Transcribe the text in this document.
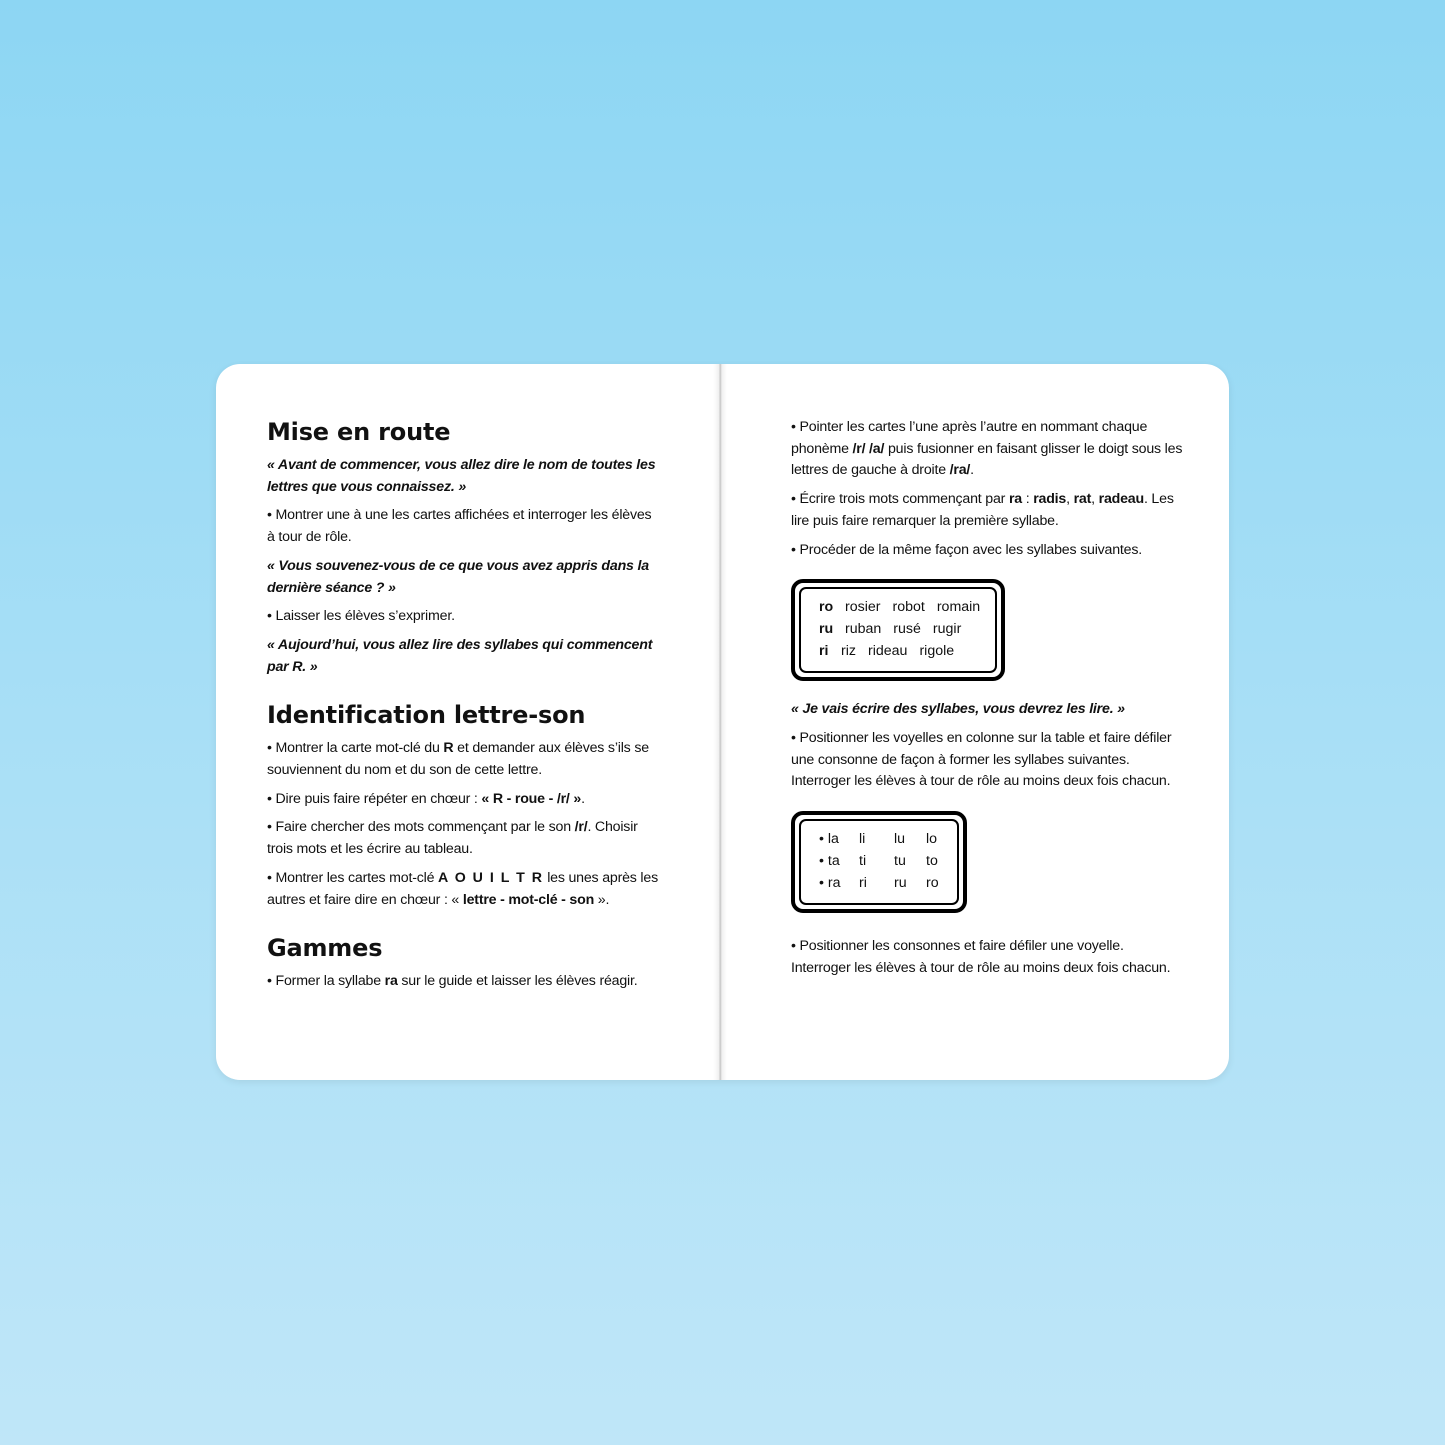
Mise en route

« Avant de commencer, vous allez dire le nom de toutes les lettres que vous connaissez. »

• Montrer une à une les cartes affichées et interroger les élèves à tour de rôle.

« Vous souvenez-vous de ce que vous avez appris dans la dernière séance ? »

• Laisser les élèves s’exprimer.

« Aujourd’hui, vous allez lire des syllabes qui commencent par R. »

Identification lettre-son

• Montrer la carte mot-clé du R et demander aux élèves s’ils se souviennent du nom et du son de cette lettre.

• Dire puis faire répéter en chœur : « R - roue - /r/ ».

• Faire chercher des mots commençant par le son /r/. Choisir trois mots et les écrire au tableau.

• Montrer les cartes mot-clé A O U I L T R les unes après les autres et faire dire en chœur : « lettre - mot-clé - son ».

Gammes

• Former la syllabe ra sur le guide et laisser les élèves réagir.

• Pointer les cartes l’une après l’autre en nommant chaque phonème /r/ /a/ puis fusionner en faisant glisser le doigt sous les lettres de gauche à droite /ra/.

• Écrire trois mots commençant par ra : radis, rat, radeau. Les lire puis faire remarquer la première syllabe.

• Procéder de la même façon avec les syllabes suivantes.

ro rosier robot romain
ru ruban rusé rugir
ri riz rideau rigole

« Je vais écrire des syllabes, vous devrez les lire. »

• Positionner les voyelles en colonne sur la table et faire défiler une consonne de façon à former les syllabes suivantes. Interroger les élèves à tour de rôle au moins deux fois chacun.

• la	li	lu	lo
• ta	ti	tu	to
• ra	ri	ru	ro

• Positionner les consonnes et faire défiler une voyelle. Interroger les élèves à tour de rôle au moins deux fois chacun.
